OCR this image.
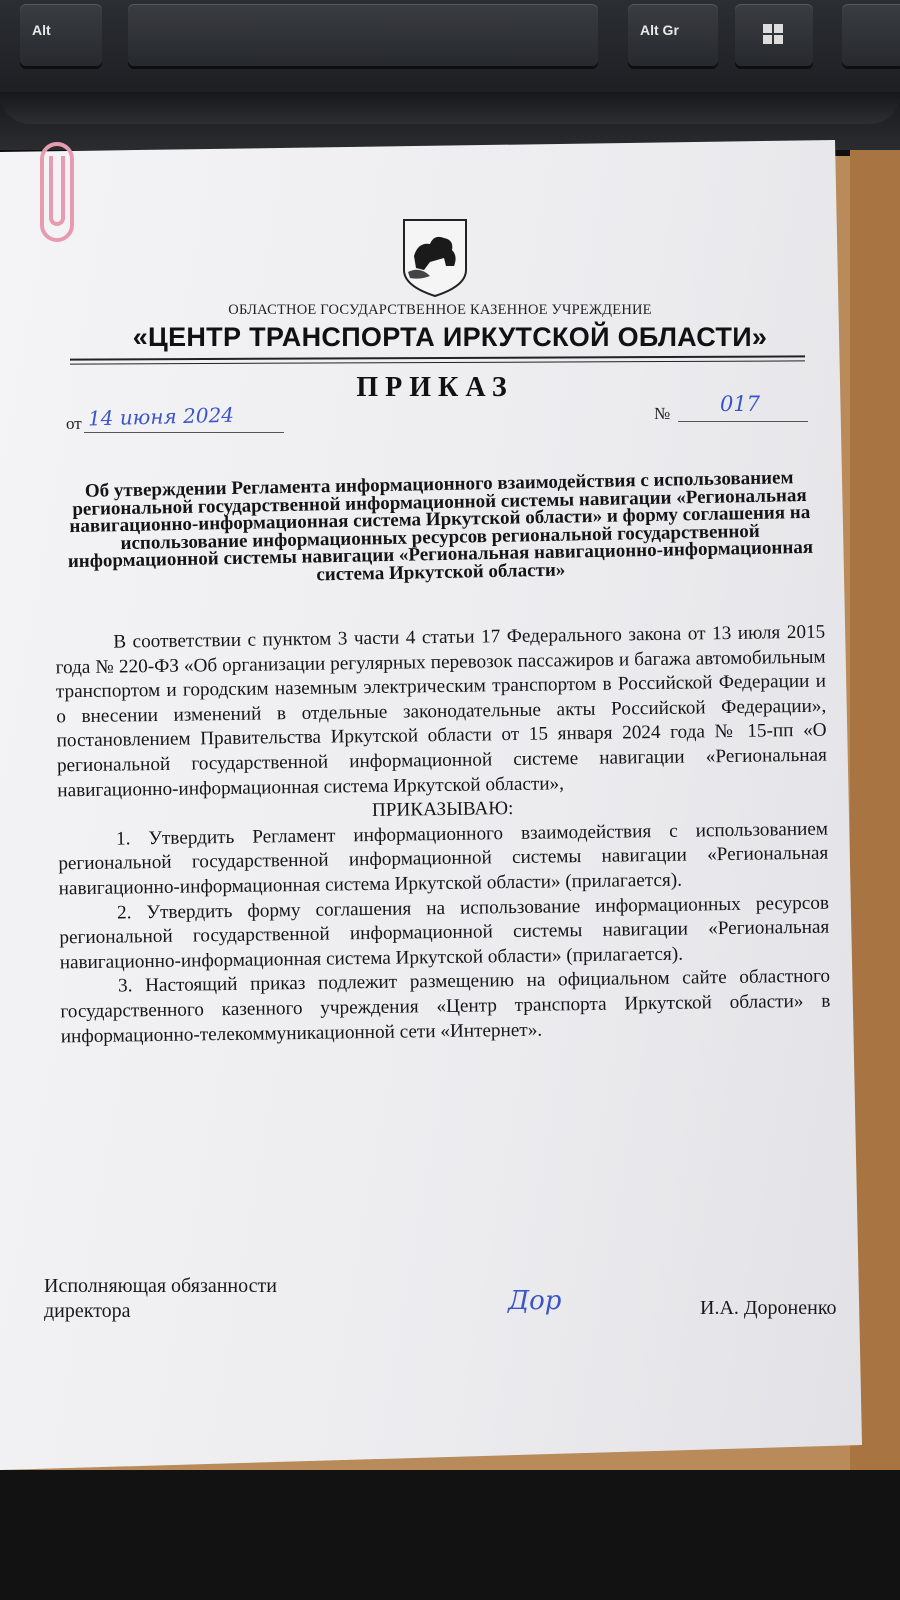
Alt	Alt Gr
ОБЛАСТНОЕ ГОСУДАРСТВЕННОЕ КАЗЕННОЕ УЧРЕЖДЕНИЕ
«ЦЕНТР ТРАНСПОРТА ИРКУТСКОЙ ОБЛАСТИ»
ПРИКАЗ
от 14 июня 2024	№	017
Об утверждении Регламента информационного взаимодействия с использованием региональной государственной информационной системы навигации «Региональная навигационно-информационная система Иркутской области» и форму соглашения на использование информационных ресурсов региональной государственной информационной системы навигации «Региональная навигационно-информационная система Иркутской области»

В соответствии с пунктом 3 части 4 статьи 17 Федерального закона от 13 июля 2015 года № 220-ФЗ «Об организации регулярных перевозок пассажиров и багажа автомобильным транспортом и городским наземным электрическим транспортом в Российской Федерации и о внесении изменений в отдельные законодательные акты Российской Федерации», постановлением Правительства Иркутской области от 15 января 2024 года № 15-пп «О региональной государственной информационной системе навигации «Региональная навигационно-информационная система Иркутской области»,

ПРИКАЗЫВАЮ:

1. Утвердить Регламент информационного взаимодействия с использованием региональной государственной информационной системы навигации «Региональная навигационно-информационная система Иркутской области» (прилагается).

2. Утвердить форму соглашения на использование информационных ресурсов региональной государственной информационной системы навигации «Региональная навигационно-информационная система Иркутской области» (прилагается).

3. Настоящий приказ подлежит размещению на официальном сайте областного государственного казенного учреждения «Центр транспорта Иркутской области» в информационно-телекоммуникационной сети «Интернет».

Исполняющая обязанности
директора	Дор	И.А. Дороненко
